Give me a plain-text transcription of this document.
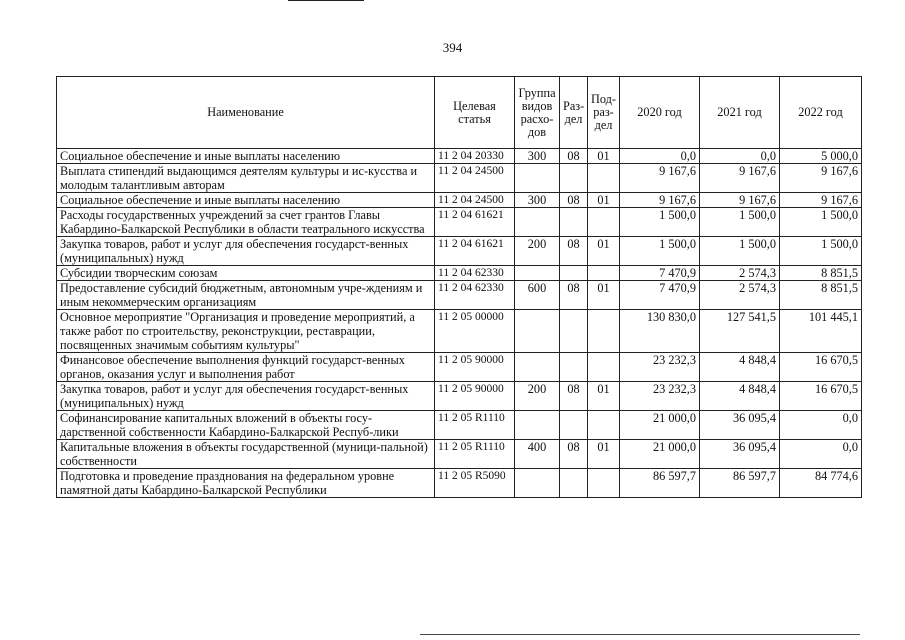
394
Наименование	Целевая статья	Группа видов расхо-дов	Раз-дел	Под-раз-дел	2020 год	2021 год	2022 год
Социальное обеспечение и иные выплаты населению	11 2 04 20330	300	08	01	0,0	0,0	5 000,0
Выплата стипендий выдающимся деятелям культуры и ис-кусства и молодым талантливым авторам	11 2 04 24500				9 167,6	9 167,6	9 167,6
Социальное обеспечение и иные выплаты населению	11 2 04 24500	300	08	01	9 167,6	9 167,6	9 167,6
Расходы государственных учреждений за счет грантов Главы Кабардино-Балкарской Республики в области театрального искусства	11 2 04 61621				1 500,0	1 500,0	1 500,0
Закупка товаров, работ и услуг для обеспечения государст-венных (муниципальных) нужд	11 2 04 61621	200	08	01	1 500,0	1 500,0	1 500,0
Субсидии творческим союзам	11 2 04 62330				7 470,9	2 574,3	8 851,5
Предоставление субсидий бюджетным, автономным учре-ждениям и иным некоммерческим организациям	11 2 04 62330	600	08	01	7 470,9	2 574,3	8 851,5
Основное мероприятие "Организация и проведение мероприятий, а также работ по строительству, реконструкции, реставрации, посвященных значимым событиям культуры"	11 2 05 00000				130 830,0	127 541,5	101 445,1
Финансовое обеспечение выполнения функций государст-венных органов, оказания услуг и выполнения работ	11 2 05 90000				23 232,3	4 848,4	16 670,5
Закупка товаров, работ и услуг для обеспечения государст-венных (муниципальных) нужд	11 2 05 90000	200	08	01	23 232,3	4 848,4	16 670,5
Софинансирование капитальных вложений в объекты госу-дарственной собственности Кабардино-Балкарской Респуб-лики	11 2 05 R1110				21 000,0	36 095,4	0,0
Капитальные вложения в объекты государственной (муници-пальной) собственности	11 2 05 R1110	400	08	01	21 000,0	36 095,4	0,0
Подготовка и проведение празднования на федеральном уровне памятной даты Кабардино-Балкарской Республики	11 2 05 R5090				86 597,7	86 597,7	84 774,6
